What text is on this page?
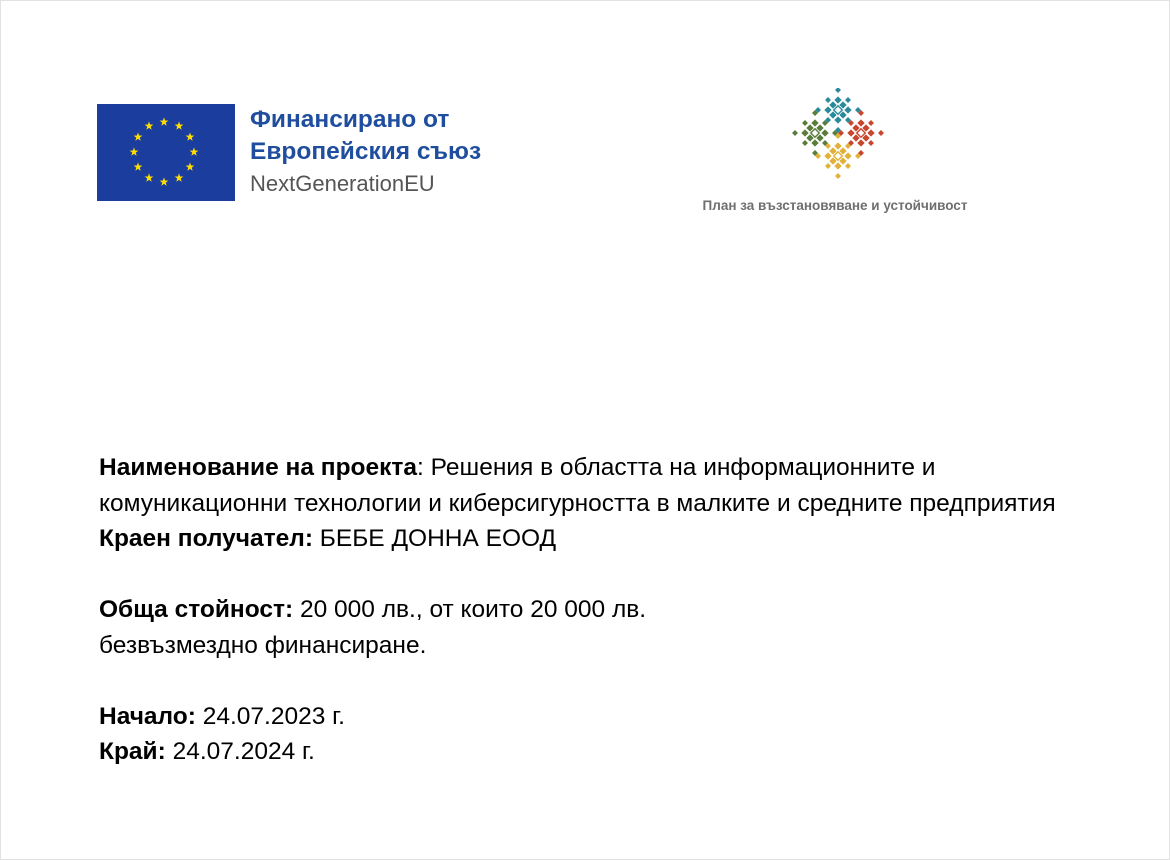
Финансирано от
Европейския съюз
NextGenerationEU
План за възстановяване и устойчивост

Наименование на проекта: Решения в областта на информационните и комуникационни технологии и киберсигурността в малките и средните предприятия

Краен получател: БЕБЕ ДОННА ЕООД

Обща стойност: 20 000 лв., от които 20 000 лв. безвъзмездно финансиране.

Начало: 24.07.2023 г.

Край: 24.07.2024 г.
